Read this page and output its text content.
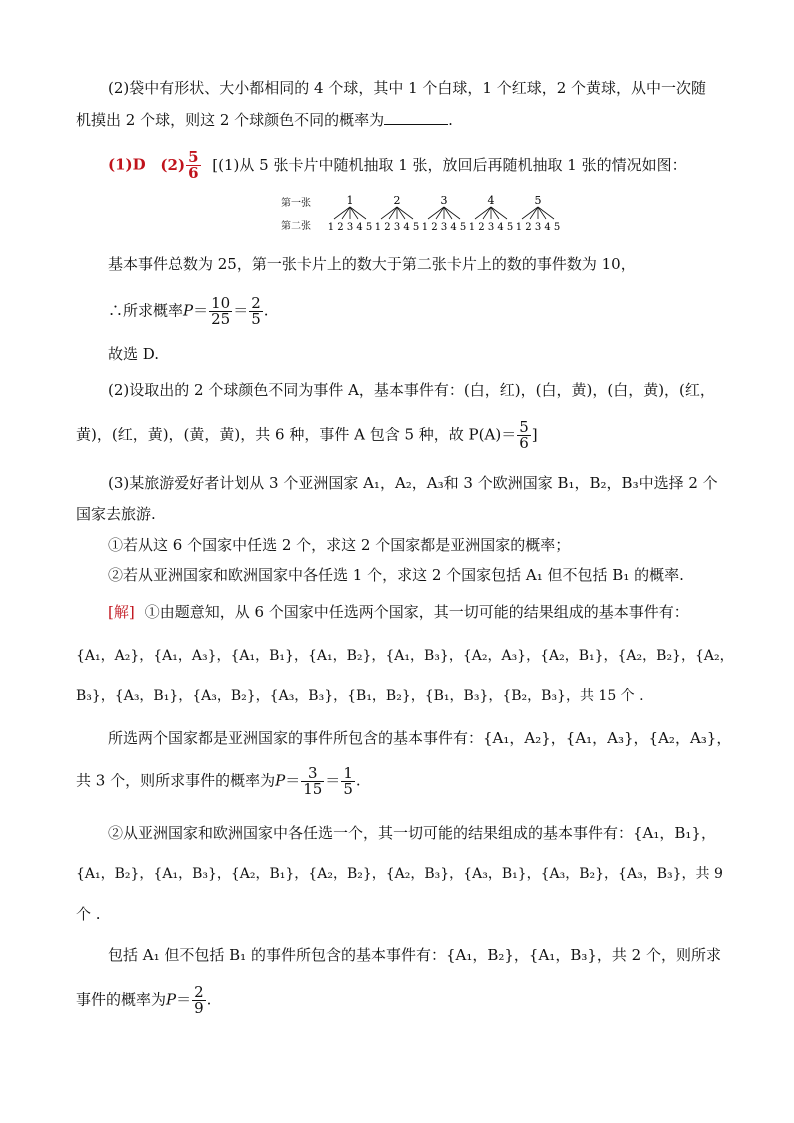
(2)袋中有形状、大小都相同的 4 个球，其中 1 个白球，1 个红球，2 个黄球，从中一次随
机摸出 2 个球，则这 2 个球颜色不同的概率为	.
(1)D $(2) \frac{5}{6} [(1)$从 5 张卡片中随机抽取 1 张，放回后再随机抽取 1 张的情况如图：
第一张
第二张
1
1 2 3 4 5
2
1 2 3 4 5
3
1 2 3 4 5
4
1 2 3 4 5
5
1 2 3 4 5
基本事件总数为 25，第一张卡片上的数大于第二张卡片上的数的事件数为 10，
∴所求概率$P= \frac{10}{25} = \frac{2}{5}$ .
故选 D.
(2)设取出的 2 个球颜色不同为事件 A，基本事件有：(白，红)，(白，黄)，(白，黄)，(红，
黄)，(红，黄)，(黄，黄)，共 6 种，事件 A 包含 5 种，故 $P(A)= \frac{5}{6}$ ]
(3)某旅游爱好者计划从 3 个亚洲国家 A₁，A₂，A₃和 3 个欧洲国家 B₁，B₂，B₃中选择 2 个
国家去旅游.
①若从这 6 个国家中任选 2 个，求这 2 个国家都是亚洲国家的概率；
②若从亚洲国家和欧洲国家中各任选 1 个，求这 2 个国家包括 A₁ 但不包括 B₁ 的概率.
[解] ①由题意知，从 6 个国家中任选两个国家，其一切可能的结果组成的基本事件有：
{A₁，A₂}，{A₁，A₃}，{A₁，B₁}，{A₁，B₂}，{A₁，B₃}，{A₂，A₃}，{A₂，B₁}，{A₂，B₂}，{A₂，
B₃}，{A₃，B₁}，{A₃，B₂}，{A₃，B₃}，{B₁，B₂}，{B₁，B₃}，{B₂，B₃}，共 15 个 .
所选两个国家都是亚洲国家的事件所包含的基本事件有：{A₁，A₂}，{A₁，A₃}，{A₂，A₃}，
共 3 个，则所求事件的概率为$P= \frac{3}{15} = \frac{1}{5}$ .
②从亚洲国家和欧洲国家中各任选一个，其一切可能的结果组成的基本事件有：{A₁，B₁}，
{A₁，B₂}，{A₁，B₃}，{A₂，B₁}，{A₂，B₂}，{A₂，B₃}，{A₃，B₁}，{A₃，B₂}，{A₃，B₃}，共 9
个 .
包括 A₁ 但不包括 B₁ 的事件所包含的基本事件有：{A₁，B₂}，{A₁，B₃}，共 2 个，则所求
事件的概率为$P= \frac{2}{9}$ .
